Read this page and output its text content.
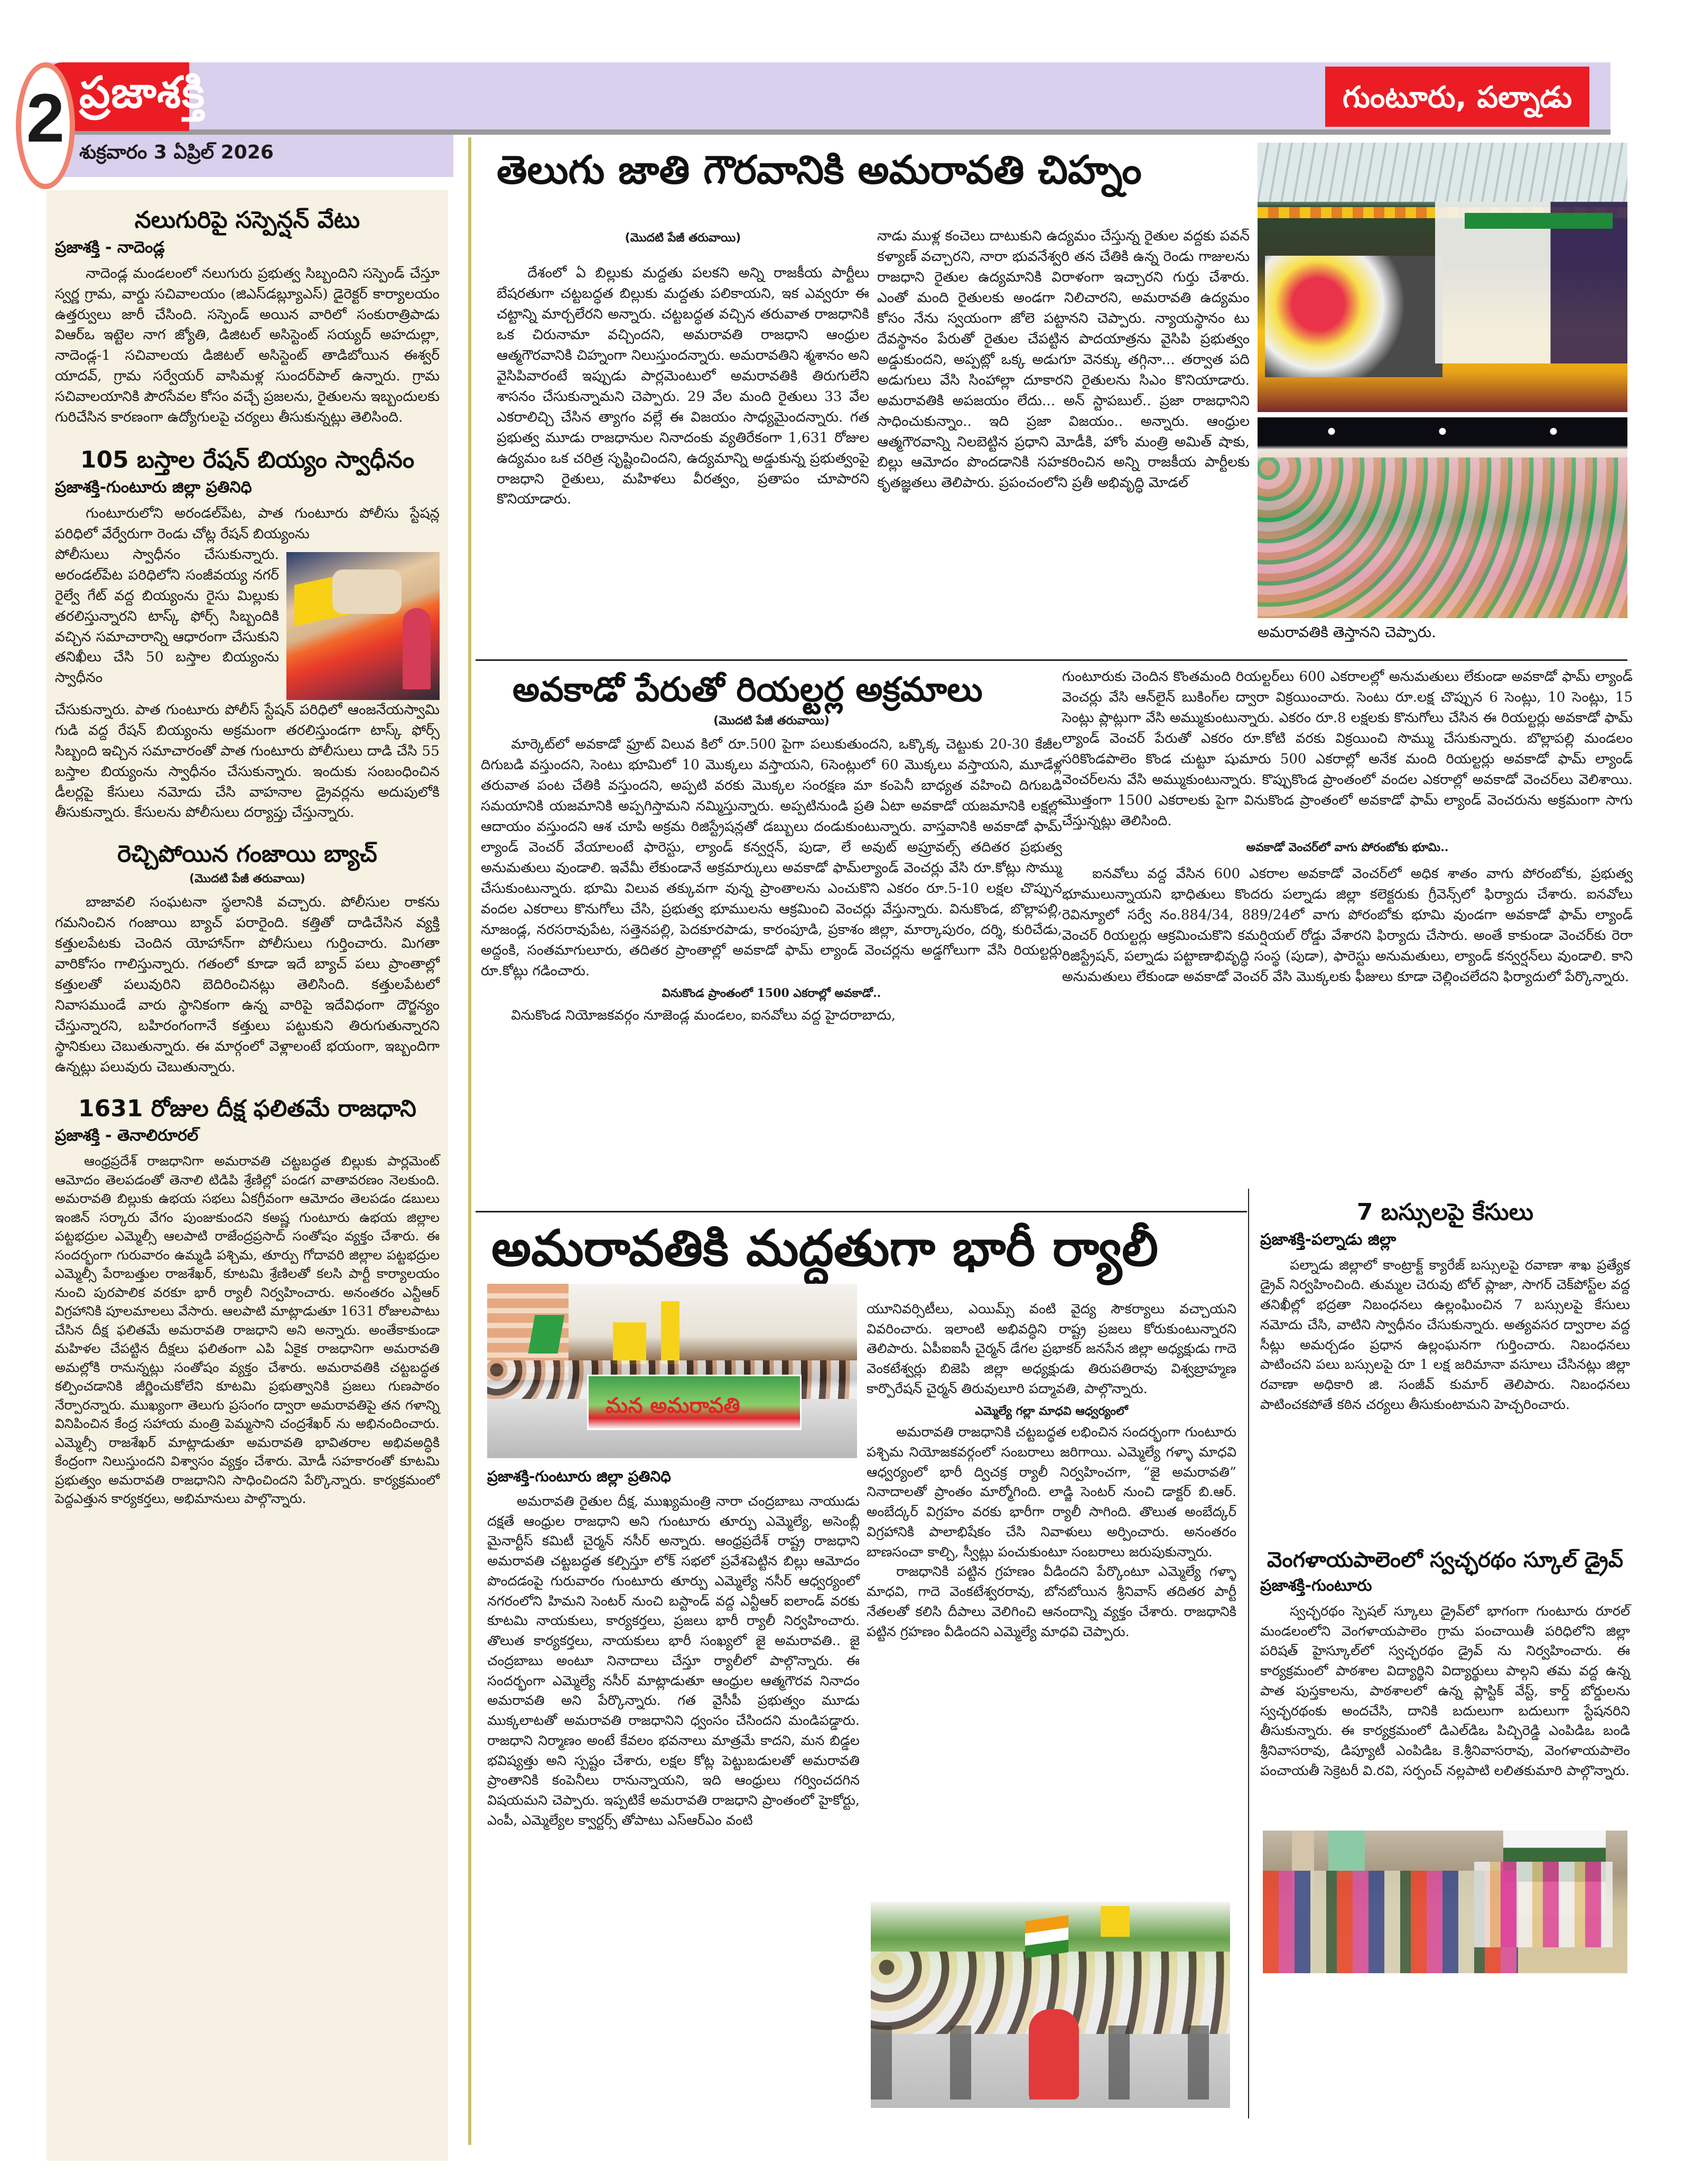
ప్రజాశక్తి
శుక్రవారం 3 ఏప్రిల్ 2026
2	గుంటూరు, పల్నాడు
నలుగురిపై సస్పెన్షన్ వేటు
ప్రజాశక్తి - నాదెండ్ల

నాదెండ్ల మండలంలో నలుగురు ప్రభుత్వ సిబ్బందిని సస్పెండ్ చేస్తూ స్వర్ణ గ్రామ, వార్డు సచివాలయం (జిఎస్‌డబ్ల్యూఎస్) డైరెక్టర్ కార్యాలయం ఉత్తర్వులు జారీ చేసింది. సస్పెండ్ అయిన వారిలో సంకురాత్రిపాడు విఆర్‌ఒ ఇట్టెల నాగ జ్యోతి, డిజిటల్ అసిస్టెంట్ సయ్యద్ అహదుల్లా, నాదెండ్ల-1 సచివాలయ డిజిటల్ అసిస్టెంట్ తాడిబోయిన ఈశ్వర్ యాదవ్, గ్రామ సర్వేయర్ వాసిమళ్ల సుందర్‌పాల్ ఉన్నారు. గ్రామ సచివాలయానికి పౌరసేవల కోసం వచ్చే ప్రజలను, రైతులను ఇబ్బందులకు గురిచేసిన కారణంగా ఉద్యోగులపై చర్యలు తీసుకున్నట్లు తెలిసింది.

105 బస్తాల రేషన్ బియ్యం స్వాధీనం
ప్రజాశక్తి-గుంటూరు జిల్లా ప్రతినిధి

గుంటూరులోని అరండల్‌పేట, పాత గుంటూరు పోలీసు స్టేషన్ల పరిధిలో వేర్వేరుగా రెండు చోట్ల రేషన్ బియ్యంను

పోలీసులు స్వాధీనం చేసుకున్నారు. అరండల్‌పేట పరిధిలోని సంజీవయ్య నగర్ రైల్వే గేట్ వద్ద బియ్యంను రైసు మిల్లుకు తరలిస్తున్నారని టాస్క్ ఫోర్స్ సిబ్బందికి వచ్చిన సమాచారాన్ని ఆధారంగా చేసుకుని తనిఖీలు చేసి 50 బస్తాల బియ్యంను స్వాధీనం
చేసుకున్నారు. పాత గుంటూరు పోలీస్ స్టేషన్ పరిధిలో ఆంజనేయస్వామి గుడి వద్ద రేషన్ బియ్యంను అక్రమంగా తరలిస్తుండగా టాస్క్ ఫోర్స్ సిబ్బంది ఇచ్చిన సమాచారంతో పాత గుంటూరు పోలీసులు దాడి చేసి 55 బస్తాల బియ్యంను స్వాధీనం చేసుకున్నారు. ఇందుకు సంబంధించిన డీలర్లపై కేసులు నమోదు చేసి వాహనాల డ్రైవర్లను అదుపులోకి తీసుకున్నారు. కేసులను పోలీసులు దర్యాప్తు చేస్తున్నారు.
రెచ్చిపోయిన గంజాయి బ్యాచ్
(మొదటి పేజీ తరువాయి)

బాజావలి సంఘటనా స్థలానికి వచ్చారు. పోలీసుల రాకను గమనించిన గంజాయి బ్యాచ్ పరారైంది. కత్తితో దాడిచేసిన వ్యక్తి కత్తులపేటకు చెందిన యోహాన్‌గా పోలీసులు గుర్తించారు. మిగతా వారికోసం గాలిస్తున్నారు. గతంలో కూడా ఇదే బ్యాచ్ పలు ప్రాంతాల్లో కత్తులతో పలువురిని బెదిరించినట్లు తెలిసింది. కత్తులపేటలో నివాసముండే వారు స్థానికంగా ఉన్న వారిపై ఇదేవిధంగా దౌర్జన్యం చేస్తున్నారని, బహిరంగంగానే కత్తులు పట్టుకుని తిరుగుతున్నారని స్థానికులు చెబుతున్నారు. ఈ మార్గంలో వెళ్లాలంటే భయంగా, ఇబ్బందిగా ఉన్నట్లు పలువురు చెబుతున్నారు.

1631 రోజుల దీక్ష ఫలితమే రాజధాని
ప్రజాశక్తి - తెనాలిరూరల్

ఆంధ్రప్రదేశ్ రాజధానిగా అమరావతి చట్టబద్ధత బిల్లుకు పార్లమెంట్ ఆమోదం తెలపడంతో తెనాలి టిడిపి శ్రేణిల్లో పండగ వాతావరణం నెలకుంది. అమరావతి బిల్లుకు ఉభయ సభలు ఏకగ్రీవంగా ఆమోదం తెలపడం డబులు ఇంజిన్ సర్కారు వేగం పుంజుకుందని కఅష్ణ గుంటూరు ఉభయ జిల్లాల పట్టభద్రుల ఎమ్మెల్సీ ఆలపాటి రాజేంద్రప్రసాద్ సంతోషం వ్యక్తం చేశారు. ఈ సందర్భంగా గురువారం ఉమ్మడి పశ్చిమ, తూర్పు గోదావరి జిల్లాల పట్టభద్రుల ఎమ్మెల్సీ పేరాబత్తుల రాజశేఖర్, కూటమి శ్రేణిలతో కలసి పార్టీ కార్యాలయం నుంచి పురపాలిక వరకూ భారీ ర్యాలీ నిర్వహించారు. అనంతరం ఎన్టీఆర్ విగ్రహానికి పూలమాలలు వేసారు. ఆలపాటి మాట్లాడుతూ 1631 రోజులపాటు చేసిన దీక్ష ఫలితమే అమరావతి రాజధాని అని అన్నారు. అంతేకాకుండా మహిళల చేపట్టిన దీక్షలు ఫలితంగా ఎపి ఏకైక రాజధానిగా అమరావతి అమల్లోకి రానున్నట్లు సంతోషం వ్యక్తం చేశారు. అమరావతికి చట్టబద్ధత కల్పించడానికి జీర్ణించుకోలేని కూటమి ప్రభుత్వానికి ప్రజలు గుణపాఠం నేర్పారన్నారు. ముఖ్యంగా తెలుగు ప్రసంగం ద్వారా అమరావతిపై తన గళాన్ని వినిపించిన కేంద్ర సహాయ మంత్రి పెమ్మసాని చంద్రశేఖర్ ను అభినందించారు. ఎమ్మెల్సీ రాజశేఖర్ మాట్లాడుతూ అమరావతి భావితరాల అభివఅద్ధికి కేంద్రంగా నిలుస్తుందని విశ్వాసం వ్యక్తం చేశారు. మోడీ సహకారంతో కూటమి ప్రభుత్వం అమరావతి రాజధానిని సాధించిందని పేర్కొన్నారు. కార్యక్రమంలో పెద్దఎత్తున కార్యకర్తలు, అభిమానులు పాల్గొన్నారు.

తెలుగు జాతి గౌరవానికి అమరావతి చిహ్నం
(మొదటి పేజీ తరువాయి)

దేశంలో ఏ బిల్లుకు మద్దతు పలకని అన్ని రాజకీయ పార్టీలు బేషరతుగా చట్టబద్ధత బిల్లుకు మద్దతు పలికాయని, ఇక ఎవ్వరూ ఈ చట్టాన్ని మార్చలేరని అన్నారు. చట్టబద్ధత వచ్చిన తరువాత రాజధానికి ఒక చిరునామా వచ్చిందని, అమరావతి రాజధాని ఆంధ్రుల ఆత్మగౌరవానికి చిహ్నంగా నిలుస్తుందన్నారు. అమరావతిని శ్మశానం అని వైసిపివారంటే ఇప్పుడు పార్లమెంటులో అమరావతికి తిరుగులేని శాసనం చేసుకున్నామని చెప్పారు. 29 వేల మంది రైతులు 33 వేల ఎకరాలిచ్చి చేసిన త్యాగం వల్లే ఈ విజయం సాధ్యమైందన్నారు. గత ప్రభుత్వ మూడు రాజధానుల నినాదంకు వ్యతిరేకంగా 1,631 రోజుల ఉద్యమం ఒక చరిత్ర సృష్టించిందని, ఉద్యమాన్ని అడ్డుకున్న ప్రభుత్వంపై రాజధాని రైతులు, మహిళలు వీరత్వం, ప్రతాపం చూపారని కొనియాడారు.

నాడు ముళ్ల కంచెలు దాటుకుని ఉద్యమం చేస్తున్న రైతుల వద్దకు పవన్ కళ్యాణ్ వచ్చారని, నారా భువనేశ్వరి తన చేతికి ఉన్న రెండు గాజులను రాజధాని రైతుల ఉద్యమానికి విరాళంగా ఇచ్చారని గుర్తు చేశారు. ఎంతో మంది రైతులకు అండగా నిలిచారని, అమరావతి ఉద్యమం కోసం నేను స్వయంగా జోలె పట్టానని చెప్పారు. న్యాయస్థానం టు దేవస్థానం పేరుతో రైతుల చేపట్టిన పాదయాత్రను వైసిపి ప్రభుత్వం అడ్డుకుందని, అప్పట్లో ఒక్క అడుగూ వెనక్కు తగ్గినా... తర్వాత పది అడుగులు వేసి సింహాల్లా దూకారని రైతులను సిఎం కొనియాడారు. అమరావతికి అపజయం లేదు... అన్ స్టాపబుల్.. ప్రజా రాజధానిని సాధించుకున్నాం.. ఇది ప్రజా విజయం.. అన్నారు. ఆంధ్రుల ఆత్మగౌరవాన్ని నిలబెట్టిన ప్రధాని మోడీకి, హోం మంత్రి అమిత్ షాకు, బిల్లు ఆమోదం పొందడానికి సహకరించిన అన్ని రాజకీయ పార్టీలకు కృతజ్ఞతలు తెలిపారు. ప్రపంచంలోని ప్రతీ అభివృద్ధి మోడల్
అమరావతికి తెస్తానని చెప్పారు.
అవకాడో పేరుతో రియల్టర్ల అక్రమాలు
(మొదటి పేజీ తరువాయి)

మార్కెట్‌లో అవకాడో ఫ్రూట్ విలువ కిలో రూ.500 పైగా పలుకుతుందని, ఒక్కొక్క చెట్టుకు 20-30 కేజీల దిగుబడి వస్తుందని, సెంటు భూమిలో 10 మొక్కలు వస్తాయని, 6సెంట్లులో 60 మొక్కలు వస్తాయని, మూడేళ్ల తరువాత పంట చేతికి వస్తుందని, అప్పటి వరకు మొక్కల సంరక్షణ మా కంపెనీ బాధ్యత వహించి దిగుబడి సమయానికి యజమానికి అప్పగిస్తామని నమ్మిస్తున్నారు. అప్పటినుండి ప్రతి ఏటా అవకాడో యజమానికి లక్షల్లో ఆదాయం వస్తుందని ఆశ చూపి అక్రమ రిజిస్ట్రేషన్లతో డబ్బులు దండుకుంటున్నారు. వాస్తవానికి అవకాడో ఫామ్ ల్యాండ్ వెంచర్ వేయాలంటే ఫారెస్టు, ల్యాండ్ కన్వర్షన్, పుడా, లే అవుట్ అప్రూవల్స్ తదితర ప్రభుత్వ అనుమతులు వుండాలి. ఇవేమీ లేకుండానే అక్రమార్కులు అవకాడో ఫామ్‌ల్యాండ్ వెంచర్లు వేసి రూ.కోట్లు సొమ్ము చేసుకుంటున్నారు. భూమి విలువ తక్కువగా వున్న ప్రాంతాలను ఎంచుకొని ఎకరం రూ.5-10 లక్షల చొప్పున వందల ఎకరాలు కొనుగోలు చేసి, ప్రభుత్వ భూములను ఆక్రమించి వెంచర్లు వేస్తున్నారు. వినుకొండ, బొల్లాపల్లి, నూజండ్ల, నరసరావుపేట, సత్తెనపల్లి, పెదకూరపాడు, కారంపూడి, ప్రకాశం జిల్లా, మార్కాపురం, దర్శి, కురిచేడు, అద్దంకి, సంతమాగులూరు, తదితర ప్రాంతాల్లో అవకాడో ఫామ్ ల్యాండ్ వెంచర్లను అడ్డగోలుగా వేసి రియల్టర్లు రూ.కోట్లు గడించారు.

వినుకొండ ప్రాంతంలో 1500 ఎకరాల్లో అవకాడో..

వినుకొండ నియోజకవర్గం నూజెండ్ల మండలం, ఐనవోలు వద్ద హైదరాబాదు,

గుంటూరుకు చెందిన కొంతమంది రియల్టర్‌లు 600 ఎకరాలల్లో అనుమతులు లేకుండా అవకాడో ఫామ్ ల్యాండ్ వెంచర్లు వేసి ఆన్‌లైన్ బుకింగ్‌ల ద్వారా విక్రయించారు. సెంటు రూ.లక్ష చొప్పున 6 సెంట్లు, 10 సెంట్లు, 15 సెంట్లు ప్లాట్లుగా వేసి అమ్ముకుంటున్నారు. ఎకరం రూ.8 లక్షలకు కొనుగోలు చేసిన ఈ రియల్టర్లు అవకాడో ఫామ్ ల్యాండ్ వెంచర్ పేరుతో ఎకరం రూ.కోటి వరకు విక్రయించి సొమ్ము చేసుకున్నారు. బొల్లాపల్లి మండలం సరికొండపాలెం కొండ చుట్టూ షుమారు 500 ఎకరాల్లో అనేక మంది రియల్టర్లు అవకాడో ఫామ్ ల్యాండ్ వెంచర్‌లను వేసి అమ్ముకుంటున్నారు. కొప్పుకొండ ప్రాంతంలో వందల ఎకరాల్లో అవకాడో వెంచర్‌లు వెలిశాయి. మొత్తంగా 1500 ఎకరాలకు పైగా వినుకొండ ప్రాంతంలో అవకాడో ఫామ్ ల్యాండ్ వెంచరును అక్రమంగా సాగు చేస్తున్నట్లు తెలిసింది.
అవకాడో వెంచర్‌లో వాగు పోరంబోకు భూమి..

ఐనవోలు వద్ద వేసిన 600 ఎకరాల అవకాడో వెంచర్‌లో అధిక శాతం వాగు పోరంబోకు, ప్రభుత్వ భూములున్నాయని భాధితులు కొందరు పల్నాడు జిల్లా కలెక్టరుకు గ్రీవెన్స్‌లో ఫిర్యాదు చేశారు. ఐనవోలు రెవిన్యూలో సర్వే నం.884/34, 889/24లో వాగు పోరంబోకు భూమి వుండగా అవకాడో ఫామ్ ల్యాండ్ వెంచర్ రియల్టర్లు ఆక్రమించుకొని కమర్షియల్ రోడ్డు వేశారని ఫిర్యాదు చేసారు. అంతే కాకుండా వెంచర్‌కు రెరా రిజిస్ట్రేషన్, పల్నాడు పట్టాణాభివృద్ధి సంస్థ (పుడా), ఫారెస్టు అనుమతులు, ల్యాండ్ కన్వర్షన్‌లు వుండాలి. కాని అనుమతులు లేకుండా అవకాడో వెంచర్ వేసి మొక్కలకు ఫీజులు కూడా చెల్లించలేదని ఫిర్యాదులో పేర్కొన్నారు.

అమరావతికి మద్దతుగా భారీ ర్యాలీ
మన అమరావతి
ప్రజాశక్తి-గుంటూరు జిల్లా ప్రతినిధి

అమరావతి రైతుల దీక్ష, ముఖ్యమంత్రి నారా చంద్రబాబు నాయుడు దక్షతే ఆంధ్రుల రాజధాని అని గుంటూరు తూర్పు ఎమ్మెల్యే, అసెంబ్లీ మైనార్టీస్ కమిటీ చైర్మన్ నసీర్ అన్నారు. ఆంధ్రప్రదేశ్ రాష్ట్ర రాజధాని అమరావతి చట్టబద్ధత కల్పిస్తూ లోక్ సభలో ప్రవేశపెట్టిన బిల్లు ఆమోదం పొందడంపై గురువారం గుంటూరు తూర్పు ఎమ్మెల్యే నసీర్ ఆధ్వర్యంలో నగరంలోని హిమని సెంటర్ నుంచి బస్టాండ్ వద్ద ఎన్టీఆర్ ఐలాండ్ వరకు కూటమి నాయకులు, కార్యకర్తలు, ప్రజలు భారీ ర్యాలీ నిర్వహించారు. తొలుత కార్యకర్తలు, నాయకులు భారీ సంఖ్యలో జై అమరావతి.. జై చంద్రబాబు అంటూ నినాదాలు చేస్తూ ర్యాలీలో పాల్గొన్నారు. ఈ సందర్భంగా ఎమ్మెల్యే నసీర్ మాట్లాడుతూ ఆంధ్రుల ఆత్మగౌరవ నినాదం అమరావతి అని పేర్కొన్నారు. గత వైసీపీ ప్రభుత్వం మూడు ముక్కలాటతో అమరావతి రాజధానిని ధ్వంసం చేసిందని మండిపడ్డారు. రాజధాని నిర్మాణం అంటే కేవలం భవనాలు మాత్రమే కాదని, మన బిడ్డల భవిష్యత్తు అని స్పష్టం చేశారు, లక్షల కోట్ల పెట్టుబడులతో అమరావతి ప్రాంతానికి కంపెనీలు రానున్నాయని, ఇది ఆంధ్రులు గర్వించదగిన విషయమని చెప్పారు. ఇప్పటికే అమరావతి రాజధాని ప్రాంతంలో హైకోర్టు, ఎంపీ, ఎమ్మెల్యేల క్వార్టర్స్ తోపాటు ఎస్‌ఆర్‌ఎం వంటి

యూనివర్సిటీలు, ఎయిమ్స్ వంటి వైద్య సౌకర్యాలు వచ్చాయని వివరించారు. ఇలాంటి అభివద్ధిని రాష్ట్ర ప్రజలు కోరుకుంటున్నారని తెలిపారు. ఏపీఐఐసీ చైర్మన్ డేగల ప్రభాకర్ జనసేన జిల్లా అధ్యక్షుడు గాదె వెంకటేశ్వర్లు బిజెపి జిల్లా అధ్యక్షుడు తిరుపతిరావు విశ్వబ్రాహ్మణ కార్పొరేషన్ చైర్మన్ తిరువులూరి పద్మావతి, పాల్గొన్నారు.
ఎమ్మెల్యే గల్లా మాధవి ఆధ్వర్యంలో

అమరావతి రాజధానికి చట్టబద్ధత లభించిన సందర్భంగా గుంటూరు పశ్చిమ నియోజకవర్గంలో సంబరాలు జరిగాయి. ఎమ్మెల్యే గళ్ళా మాధవి ఆధ్వర్యంలో భారీ ద్విచక్ర ర్యాలీ నిర్వహించగా, “జై అమరావతి” నినాదాలతో ప్రాంతం మార్మోగింది. లాడ్జి సెంటర్ నుంచి డాక్టర్ బి.ఆర్. అంబేద్కర్ విగ్రహం వరకు భారీగా ర్యాలీ సాగింది. తొలుత అంబేద్కర్ విగ్రహానికి పాలాభిషేకం చేసి నివాళులు అర్పించారు. అనంతరం బాణసంచా కాల్చి, స్వీట్లు పంచుకుంటూ సంబరాలు జరుపుకున్నారు.

రాజధానికి పట్టిన గ్రహణం వీడిందని పేర్కొంటూ ఎమ్మెల్యే గళ్ళా మాధవి, గాదె వెంకటేశ్వరరావు, బోనబోయిన శ్రీనివాస్ తదితర పార్టీ నేతలతో కలిసి దీపాలు వెలిగించి ఆనందాన్ని వ్యక్తం చేశారు. రాజధానికి పట్టిన గ్రహణం వీడిందని ఎమ్మెల్యే మాధవి చెప్పారు.

7 బస్సులపై కేసులు
ప్రజాశక్తి-పల్నాడు జిల్లా

పల్నాడు జిల్లాలో కాంట్రాక్ట్ క్యారేజ్ బస్సులపై రవాణా శాఖ ప్రత్యేక డ్రైవ్ నిర్వహించింది. తుమ్మల చెరువు టోల్ ప్లాజా, సాగర్ చెక్‌పోస్ట్‌ల వద్ద తనిఖీల్లో భద్రతా నిబంధనలు ఉల్లంఘించిన 7 బస్సులపై కేసులు నమోదు చేసి, వాటిని స్వాధీనం చేసుకున్నారు. అత్యవసర ద్వారాల వద్ద సీట్లు అమర్చడం ప్రధాన ఉల్లంఘనగా గుర్తించారు. నిబంధనలు పాటించని పలు బస్సులపై రూ 1 లక్ష జరిమానా వసూలు చేసినట్లు జిల్లా రవాణా అధికారి జి. సంజీవ్ కుమార్ తెలిపారు. నిబంధనలు పాటించకపోతే కఠిన చర్యలు తీసుకుంటామని హెచ్చరించారు.

వెంగళాయపాలెంలో స్వచ్ఛరథం స్కూల్ డ్రైవ్
ప్రజాశక్తి-గుంటూరు

స్వచ్ఛరథం స్పెషల్ స్కూలు డ్రైవ్‌లో భాగంగా గుంటూరు రూరల్ మండలంలోని వెంగళాయపాలెం గ్రామ పంచాయితీ పరిధిలోని జిల్లా పరిషత్ హైస్కూల్‌లో స్వచ్ఛరథం డ్రైవ్ ను నిర్వహించారు. ఈ కార్యక్రమంలో పాఠశాల విద్యార్థిని విద్యార్థులు పాల్గని తమ వద్ద ఉన్న పాత పుస్తకాలను, పాఠశాలలో ఉన్న ప్లాస్టిక్ వేస్ట్, కార్డ్ బోర్డులను స్వచ్ఛరథంకు అందచేసి, దానికి బదులుగా బదులుగా స్టేషనరిని తీసుకున్నారు. ఈ కార్యక్రమంలో డిఎల్‌డిఒ పిచ్చిరెడ్డి ఎంపిడిఒ బండి శ్రీనివాసరావు, డిప్యూటీ ఎంపిడిఒ కె.శ్రీనివాసరావు, వెంగళాయపాలెం పంచాయతీ సెక్రెటరీ వి.రవి, సర్పంచ్ నల్లపాటి లలితకుమారి పాల్గొన్నారు.
